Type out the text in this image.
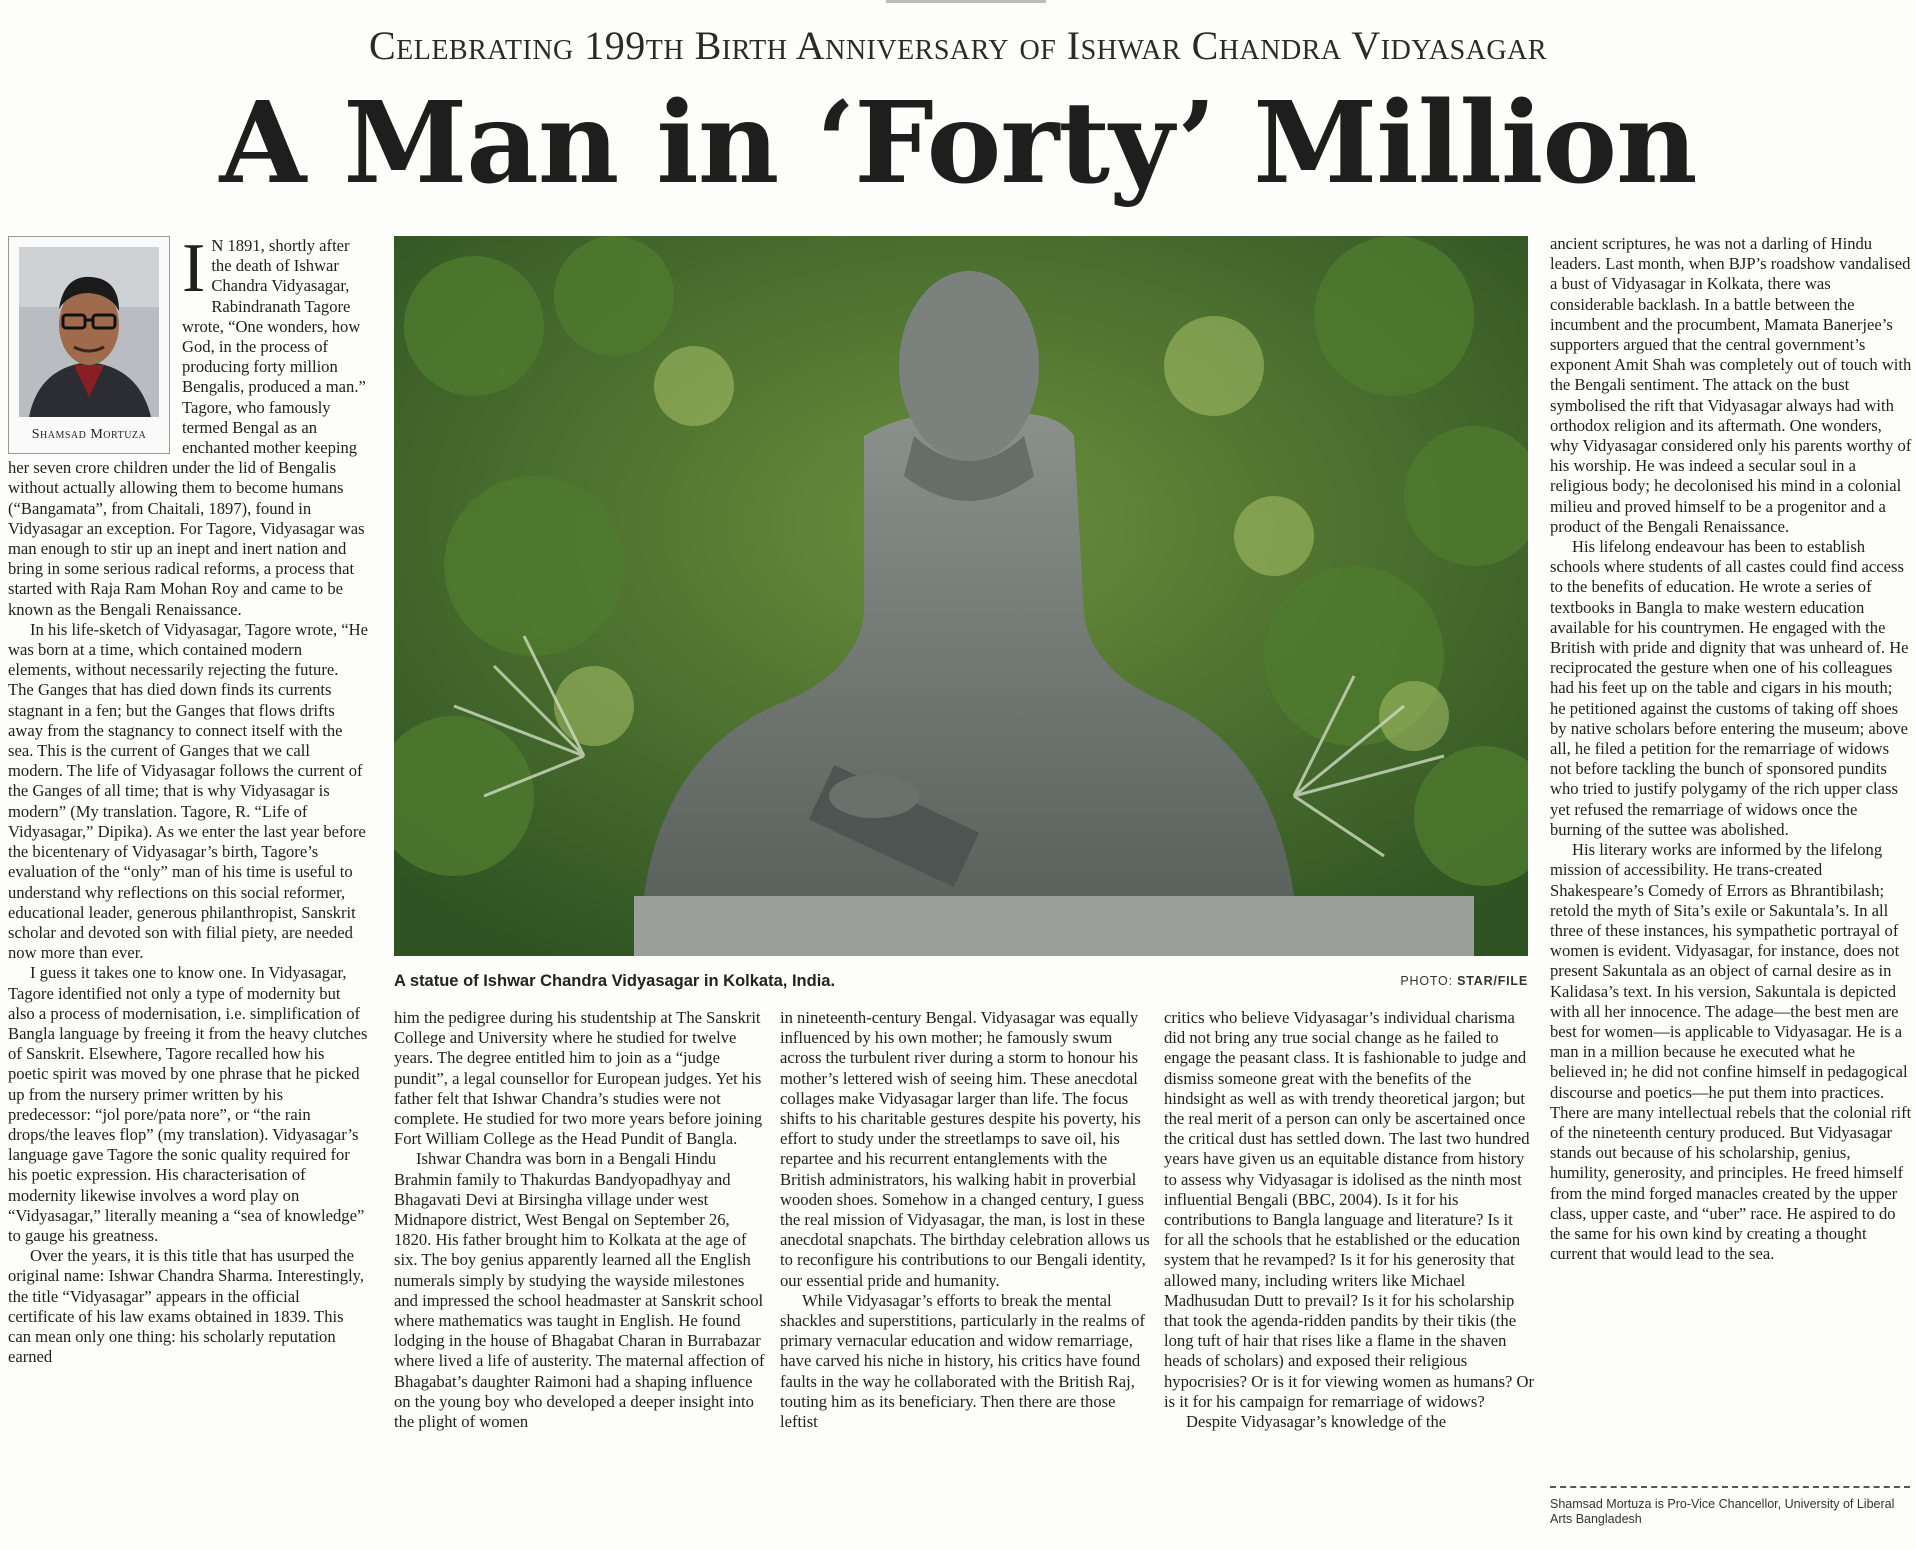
Celebrating 199th Birth Anniversary of Ishwar Chandra Vidyasagar
A Man in ‘Forty’ Million
Shamsad Mortuza
I N 1891, shortly after the death of Ishwar Chandra Vidyasagar, Rabindranath Tagore wrote, “One wonders, how God, in the process of producing forty million Bengalis, produced a man.” Tagore, who famously termed Bengal as an enchanted mother keeping her seven crore children under the lid of Bengalis without actually allowing them to become humans (“Bangamata”, from Chaitali, 1897), found in Vidyasagar an exception. For Tagore, Vidyasagar was man enough to stir up an inept and inert nation and bring in some serious radical reforms, a process that started with Raja Ram Mohan Roy and came to be known as the Bengali Renaissance.

In his life-sketch of Vidyasagar, Tagore wrote, “He was born at a time, which contained modern elements, without necessarily rejecting the future. The Ganges that has died down finds its currents stagnant in a fen; but the Ganges that flows drifts away from the stagnancy to connect itself with the sea. This is the current of Ganges that we call modern. The life of Vidyasagar follows the current of the Ganges of all time; that is why Vidyasagar is modern” (My translation. Tagore, R. “Life of Vidyasagar,” Dipika). As we enter the last year before the bicentenary of Vidyasagar’s birth, Tagore’s evaluation of the “only” man of his time is useful to understand why reflections on this social reformer, educational leader, generous philanthropist, Sanskrit scholar and devoted son with filial piety, are needed now more than ever.

I guess it takes one to know one. In Vidyasagar, Tagore identified not only a type of modernity but also a process of modernisation, i.e. simplification of Bangla language by freeing it from the heavy clutches of Sanskrit. Elsewhere, Tagore recalled how his poetic spirit was moved by one phrase that he picked up from the nursery primer written by his predecessor: “jol pore/pata nore”, or “the rain drops/the leaves flop” (my translation). Vidyasagar’s language gave Tagore the sonic quality required for his poetic expression. His characterisation of modernity likewise involves a word play on “Vidyasagar,” literally meaning a “sea of knowledge” to gauge his greatness.

Over the years, it is this title that has usurped the original name: Ishwar Chandra Sharma. Interestingly, the title “Vidyasagar” appears in the official certificate of his law exams obtained in 1839. This can mean only one thing: his scholarly reputation earned

A statue of Ishwar Chandra Vidyasagar in Kolkata, India.	PHOTO: STAR/FILE

him the pedigree during his studentship at The Sanskrit College and University where he studied for twelve years. The degree entitled him to join as a “judge pundit”, a legal counsellor for European judges. Yet his father felt that Ishwar Chandra’s studies were not complete. He studied for two more years before joining Fort William College as the Head Pundit of Bangla.

Ishwar Chandra was born in a Bengali Hindu Brahmin family to Thakurdas Bandyopadhyay and Bhagavati Devi at Birsingha village under west Midnapore district, West Bengal on September 26, 1820. His father brought him to Kolkata at the age of six. The boy genius apparently learned all the English numerals simply by studying the wayside milestones and impressed the school headmaster at Sanskrit school where mathematics was taught in English. He found lodging in the house of Bhagabat Charan in Burrabazar where lived a life of austerity. The maternal affection of Bhagabat’s daughter Raimoni had a shaping influence on the young boy who developed a deeper insight into the plight of women

in nineteenth-century Bengal. Vidyasagar was equally influenced by his own mother; he famously swum across the turbulent river during a storm to honour his mother’s lettered wish of seeing him. These anecdotal collages make Vidyasagar larger than life. The focus shifts to his charitable gestures despite his poverty, his effort to study under the streetlamps to save oil, his repartee and his recurrent entanglements with the British administrators, his walking habit in proverbial wooden shoes. Somehow in a changed century, I guess the real mission of Vidyasagar, the man, is lost in these anecdotal snapchats. The birthday celebration allows us to reconfigure his contributions to our Bengali identity, our essential pride and humanity.

While Vidyasagar’s efforts to break the mental shackles and superstitions, particularly in the realms of primary vernacular education and widow remarriage, have carved his niche in history, his critics have found faults in the way he collaborated with the British Raj, touting him as its beneficiary. Then there are those leftist

critics who believe Vidyasagar’s individual charisma did not bring any true social change as he failed to engage the peasant class. It is fashionable to judge and dismiss someone great with the benefits of the hindsight as well as with trendy theoretical jargon; but the real merit of a person can only be ascertained once the critical dust has settled down. The last two hundred years have given us an equitable distance from history to assess why Vidyasagar is idolised as the ninth most influential Bengali (BBC, 2004). Is it for his contributions to Bangla language and literature? Is it for all the schools that he established or the education system that he revamped? Is it for his generosity that allowed many, including writers like Michael Madhusudan Dutt to prevail? Is it for his scholarship that took the agenda-ridden pandits by their tikis (the long tuft of hair that rises like a flame in the shaven heads of scholars) and exposed their religious hypocrisies? Or is it for viewing women as humans? Or is it for his campaign for remarriage of widows?

Despite Vidyasagar’s knowledge of the

ancient scriptures, he was not a darling of Hindu leaders. Last month, when BJP’s roadshow vandalised a bust of Vidyasagar in Kolkata, there was considerable backlash. In a battle between the incumbent and the procumbent, Mamata Banerjee’s supporters argued that the central government’s exponent Amit Shah was completely out of touch with the Bengali sentiment. The attack on the bust symbolised the rift that Vidyasagar always had with orthodox religion and its aftermath. One wonders, why Vidyasagar considered only his parents worthy of his worship. He was indeed a secular soul in a religious body; he decolonised his mind in a colonial milieu and proved himself to be a progenitor and a product of the Bengali Renaissance.

His lifelong endeavour has been to establish schools where students of all castes could find access to the benefits of education. He wrote a series of textbooks in Bangla to make western education available for his countrymen. He engaged with the British with pride and dignity that was unheard of. He reciprocated the gesture when one of his colleagues had his feet up on the table and cigars in his mouth; he petitioned against the customs of taking off shoes by native scholars before entering the museum; above all, he filed a petition for the remarriage of widows not before tackling the bunch of sponsored pundits who tried to justify polygamy of the rich upper class yet refused the remarriage of widows once the burning of the suttee was abolished.

His literary works are informed by the lifelong mission of accessibility. He trans-created Shakespeare’s Comedy of Errors as Bhrantibilash; retold the myth of Sita’s exile or Sakuntala’s. In all three of these instances, his sympathetic portrayal of women is evident. Vidyasagar, for instance, does not present Sakuntala as an object of carnal desire as in Kalidasa’s text. In his version, Sakuntala is depicted with all her innocence. The adage—the best men are best for women—is applicable to Vidyasagar. He is a man in a million because he executed what he believed in; he did not confine himself in pedagogical discourse and poetics—he put them into practices. There are many intellectual rebels that the colonial rift of the nineteenth century produced. But Vidyasagar stands out because of his scholarship, genius, humility, generosity, and principles. He freed himself from the mind forged manacles created by the upper class, upper caste, and “uber” race. He aspired to do the same for his own kind by creating a thought current that would lead to the sea.

Shamsad Mortuza is Pro-Vice Chancellor, University of Liberal Arts Bangladesh
